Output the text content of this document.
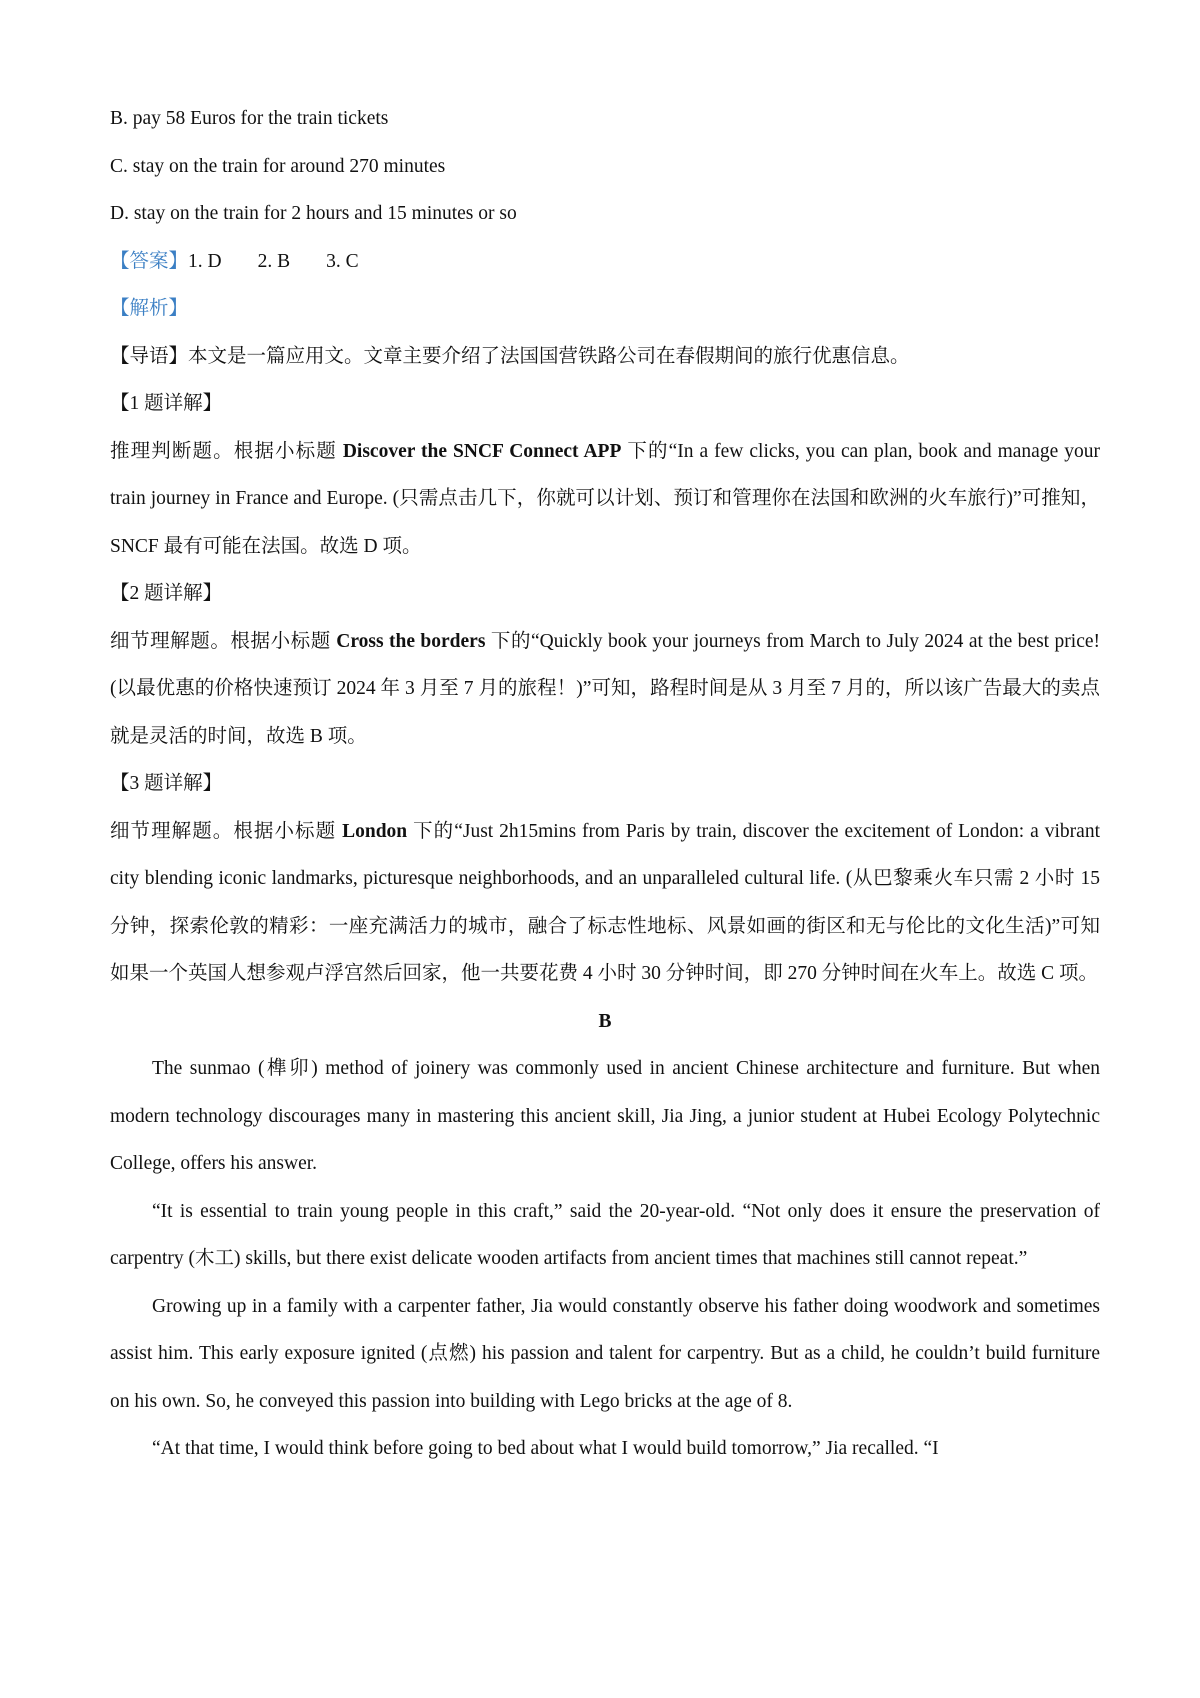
B. pay 58 Euros for the train tickets
C. stay on the train for around 270 minutes
D. stay on the train for 2 hours and 15 minutes or so
【答案】1. D 2. B 3. C
【解析】
【导语】本文是一篇应用文。文章主要介绍了法国国营铁路公司在春假期间的旅行优惠信息。
【1 题详解】
推理判断题。根据小标题 Discover the SNCF Connect APP 下的“In a few clicks, you can plan, book and manage your train journey in France and Europe. (只需点击几下，你就可以计划、预订和管理你在法国和欧洲的火车旅行)”可推知，SNCF 最有可能在法国。故选 D 项。
【2 题详解】
细节理解题。根据小标题 Cross the borders 下的“Quickly book your journeys from March to July 2024 at the best price! (以最优惠的价格快速预订 2024 年 3 月至 7 月的旅程！)”可知，路程时间是从 3 月至 7 月的，所以该广告最大的卖点就是灵活的时间，故选 B 项。
【3 题详解】
细节理解题。根据小标题 London 下的“Just 2h15mins from Paris by train, discover the excitement of London: a vibrant city blending iconic landmarks, picturesque neighborhoods, and an unparalleled cultural life. (从巴黎乘火车只需 2 小时 15 分钟，探索伦敦的精彩：一座充满活力的城市，融合了标志性地标、风景如画的街区和无与伦比的文化生活)”可知如果一个英国人想参观卢浮宫然后回家，他一共要花费 4 小时 30 分钟时间，即 270 分钟时间在火车上。故选 C 项。
B
The sunmao (榫卯) method of joinery was commonly used in ancient Chinese architecture and furniture. But when modern technology discourages many in mastering this ancient skill, Jia Jing, a junior student at Hubei Ecology Polytechnic College, offers his answer.
“It is essential to train young people in this craft,” said the 20-year-old. “Not only does it ensure the preservation of carpentry (木工) skills, but there exist delicate wooden artifacts from ancient times that machines still cannot repeat.”
Growing up in a family with a carpenter father, Jia would constantly observe his father doing woodwork and sometimes assist him. This early exposure ignited (点燃) his passion and talent for carpentry. But as a child, he couldn’t build furniture on his own. So, he conveyed this passion into building with Lego bricks at the age of 8.
“At that time, I would think before going to bed about what I would build tomorrow,” Jia recalled. “I
